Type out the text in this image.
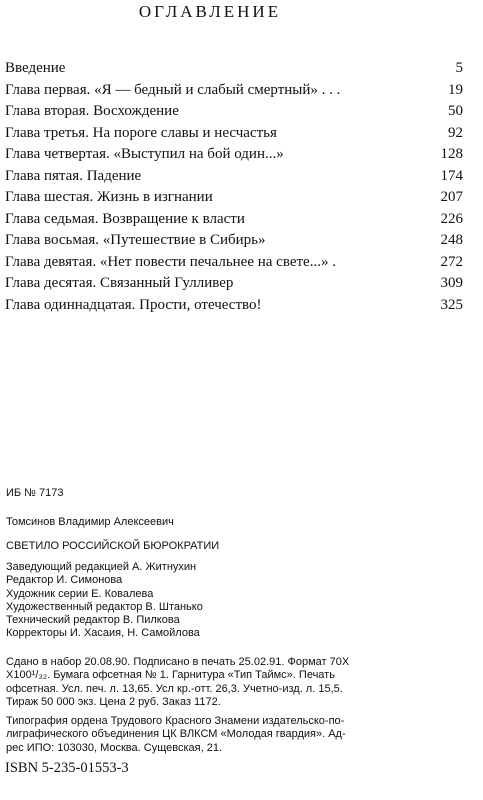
ОГЛАВЛЕНИЕ
Введение	5
Глава первая. «Я — бедный и слабый смертный» . . .	19
Глава вторая. Восхождение	50
Глава третья. На пороге славы и несчастья	92
Глава четвертая. «Выступил на бой один...»	128
Глава пятая. Падение	174
Глава шестая. Жизнь в изгнании	207
Глава седьмая. Возвращение к власти	226
Глава восьмая. «Путешествие в Сибирь»	248
Глава девятая. «Нет повести печальнее на свете...» .	272
Глава десятая. Связанный Гулливер	309
Глава одиннадцатая. Прости, отечество!	325
ИБ № 7173
Томсинов Владимир Алексеевич
СВЕТИЛО РОССИЙСКОЙ БЮРОКРАТИИ
Заведующий редакцией А. Житнухин
Редактор И. Симонова
Художник серии Е. Ковалева
Художественный редактор В. Штанько
Технический редактор В. Пилкова
Корректоры И. Хасаия, Н. Самойлова
Сдано в набор 20.08.90. Подписано в печать 25.02.91. Формат 70Х
Х100¹/₃₂. Бумага офсетная № 1. Гарнитура «Тип Таймс». Печать
офсетная. Усл. печ. л. 13,65. Усл кр.-отт. 26,3. Учетно-изд. л. 15,5.
Тираж 50 000 экз. Цена 2 руб. Заказ 1172.
Типография ордена Трудового Красного Знамени издательско-по-
лиграфического объединения ЦК ВЛКСМ «Молодая гвардия». Ад-
рес ИПО: 103030, Москва. Сущевская, 21.
ISBN 5-235-01553-3
